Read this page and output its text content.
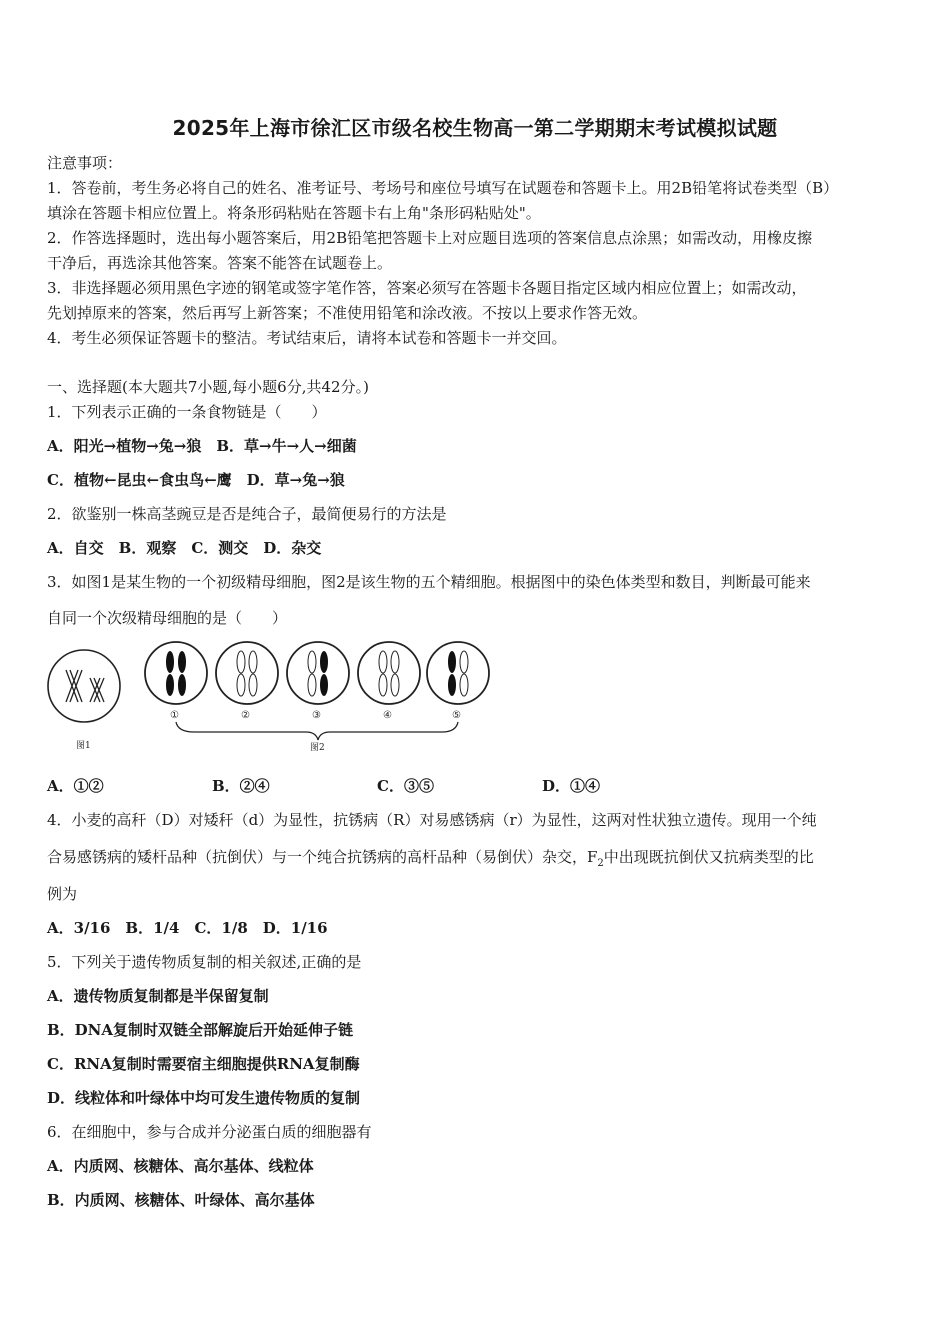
2025年上海市徐汇区市级名校生物高一第二学期期末考试模拟试题
注意事项：
1．答卷前，考生务必将自己的姓名、准考证号、考场号和座位号填写在试题卷和答题卡上。用2B铅笔将试卷类型（B）
填涂在答题卡相应位置上。将条形码粘贴在答题卡右上角"条形码粘贴处"。
2．作答选择题时，选出每小题答案后，用2B铅笔把答题卡上对应题目选项的答案信息点涂黑；如需改动，用橡皮擦
干净后，再选涂其他答案。答案不能答在试题卷上。
3．非选择题必须用黑色字迹的钢笔或签字笔作答，答案必须写在答题卡各题目指定区域内相应位置上；如需改动，
先划掉原来的答案，然后再写上新答案；不准使用铅笔和涂改液。不按以上要求作答无效。
4．考生必须保证答题卡的整洁。考试结束后，请将本试卷和答题卡一并交回。
一、选择题(本大题共7小题,每小题6分,共42分。)
1．下列表示正确的一条食物链是（　　）
A．阳光→植物→兔→狼　B．草→牛→人→细菌
C．植物←昆虫←食虫鸟←鹰　D．草→兔→狼
2．欲鉴别一株高茎豌豆是否是纯合子，最简便易行的方法是
A．自交　B．观察　C．测交　D．杂交
3．如图1是某生物的一个初级精母细胞，图2是该生物的五个精细胞。根据图中的染色体类型和数目，判断最可能来
自同一个次级精母细胞的是（　　）
图1
①	②	③	④	⑤
图2
A．①②	B．②④	C．③⑤	D．①④
4．小麦的高秆（D）对矮秆（d）为显性，抗锈病（R）对易感锈病（r）为显性，这两对性状独立遗传。现用一个纯
合易感锈病的矮杆品种（抗倒伏）与一个纯合抗锈病的高杆品种（易倒伏）杂交，$F_2$中出现既抗倒伏又抗病类型的比
例为
A．3/16　B．1/4　C．1/8　D．1/16
5．下列关于遗传物质复制的相关叙述,正确的是
A．遗传物质复制都是半保留复制
B．DNA复制时双链全部解旋后开始延伸子链
C．RNA复制时需要宿主细胞提供RNA复制酶
D．线粒体和叶绿体中均可发生遗传物质的复制
6．在细胞中，参与合成并分泌蛋白质的细胞器有
A．内质网、核糖体、高尔基体、线粒体
B．内质网、核糖体、叶绿体、高尔基体
